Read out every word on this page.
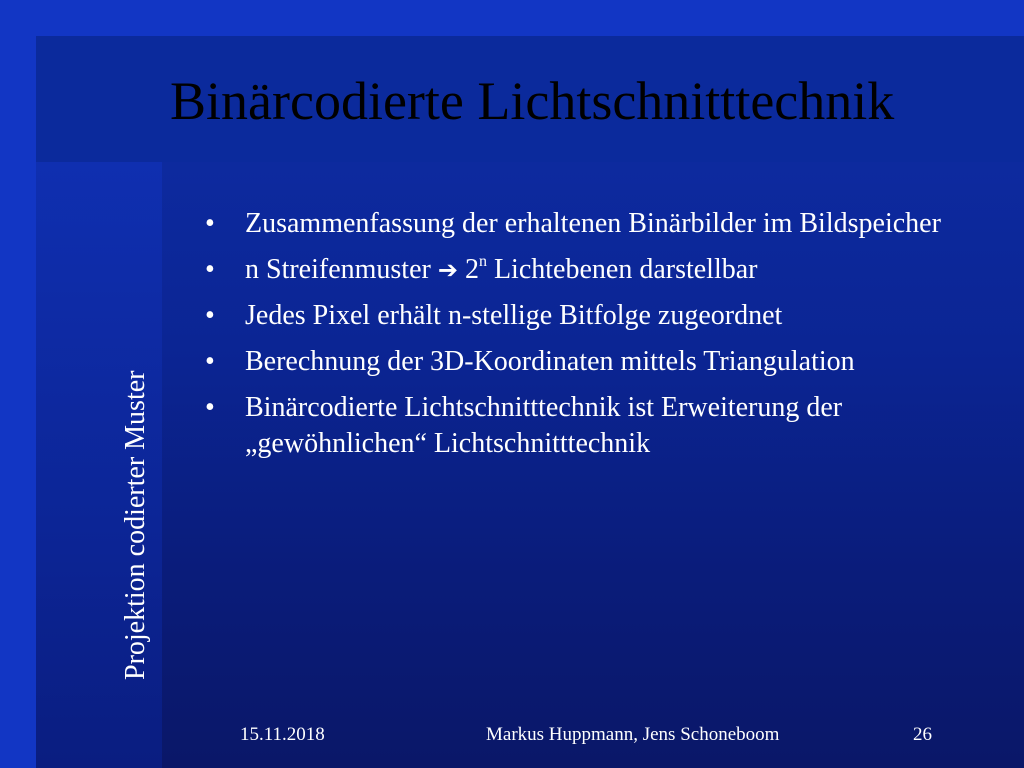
Binärcodierte Lichtschnitttechnik
Projektion codierter Muster
• Zusammenfassung der erhaltenen Binärbilder im Bildspeicher
• n Streifenmuster ➔ 2$^n$ Lichtebenen darstellbar
• Jedes Pixel erhält n-stellige Bitfolge zugeordnet
• Berechnung der 3D-Koordinaten mittels Triangulation
• Binärcodierte Lichtschnitttechnik ist Erweiterung der „gewöhnlichen“ Lichtschnitttechnik
15.11.2018	Markus Huppmann, Jens Schoneboom	26
